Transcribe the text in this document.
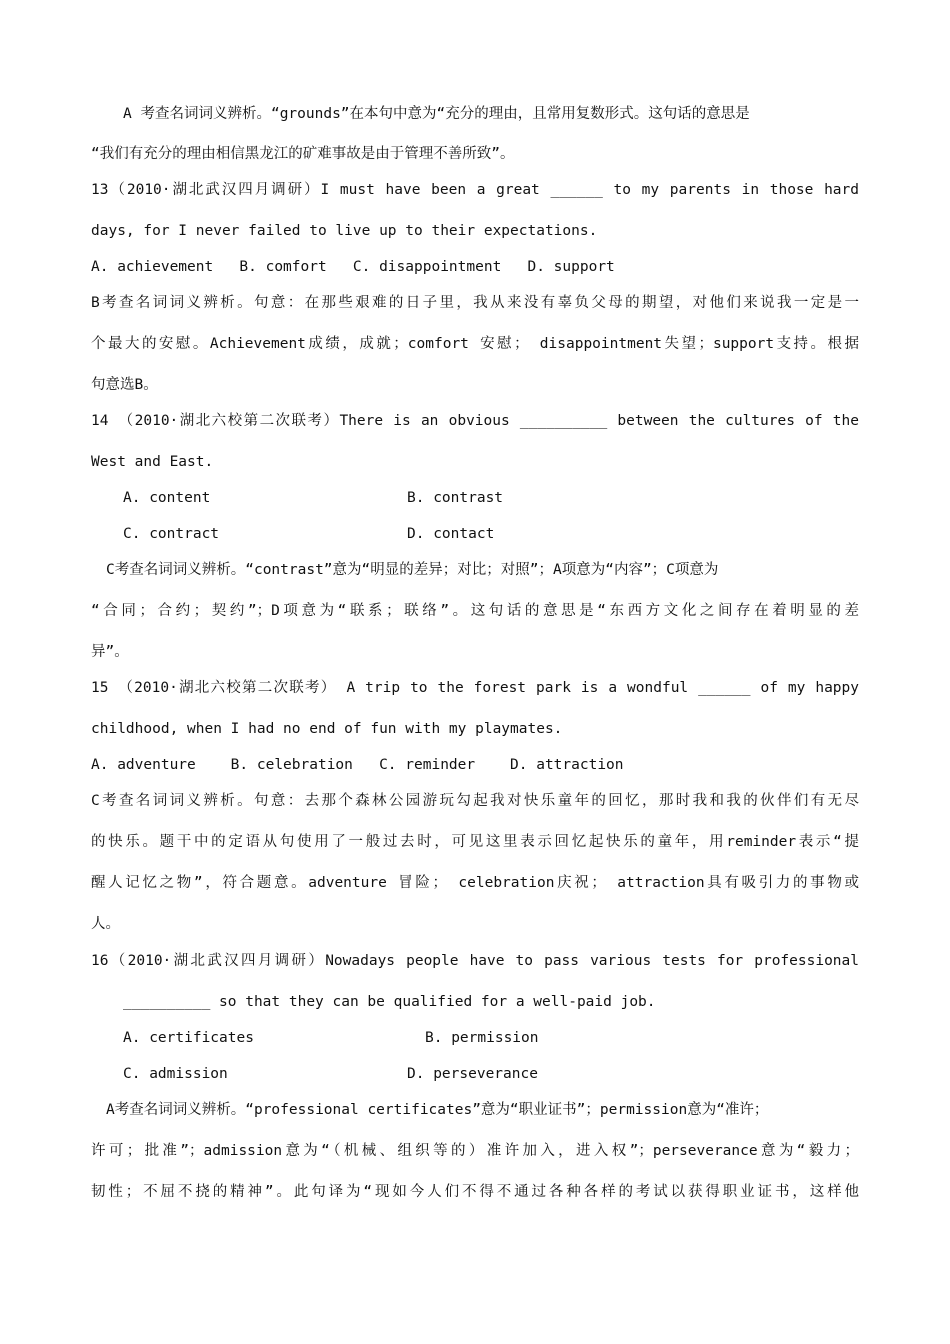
A 考查名词词义辨析。“grounds”在本句中意为“充分的理由，且常用复数形式。这句话的意思是
“我们有充分的理由相信黑龙江的矿难事故是由于管理不善所致”。
13（2010·湖北武汉四月调研）I must have been a great ______ to my parents in those hard
days, for I never failed to live up to their expectations.
A. achievement   B. comfort   C. disappointment   D. support
B考查名词词义辨析。句意：在那些艰难的日子里，我从来没有辜负父母的期望，对他们来说我一定是一
个最大的安慰。Achievement成绩，成就；comfort 安慰； disappointment失望；support支持。根据
句意选B。
14 （2010·湖北六校第二次联考）There is an obvious __________ between the cultures of the
West and East.
A. content	B. contrast
C. contract	D. contact
C考查名词词义辨析。“contrast”意为“明显的差异；对比；对照”；A项意为“内容”；C项意为
“合同；合约；契约”；D项意为“联系；联络”。这句话的意思是“东西方文化之间存在着明显的差
异”。
15 （2010·湖北六校第二次联考） A trip to the forest park is a wondful ______ of my happy
childhood, when I had no end of fun with my playmates.
A. adventure    B. celebration   C. reminder    D. attraction
C考查名词词义辨析。句意：去那个森林公园游玩勾起我对快乐童年的回忆，那时我和我的伙伴们有无尽
的快乐。题干中的定语从句使用了一般过去时，可见这里表示回忆起快乐的童年，用reminder表示“提
醒人记忆之物”，符合题意。adventure 冒险； celebration庆祝； attraction具有吸引力的事物或
人。
16（2010·湖北武汉四月调研）Nowadays people have to pass various tests for professional
__________ so that they can be qualified for a well-paid job.
A. certificates	B. permission
C. admission	D. perseverance
A考查名词词义辨析。“professional certificates”意为“职业证书”；permission意为“准许；
许可；批准”；admission意为“（机械、组织等的）准许加入，进入权”；perseverance意为“毅力；
韧性；不屈不挠的精神”。此句译为“现如今人们不得不通过各种各样的考试以获得职业证书，这样他
